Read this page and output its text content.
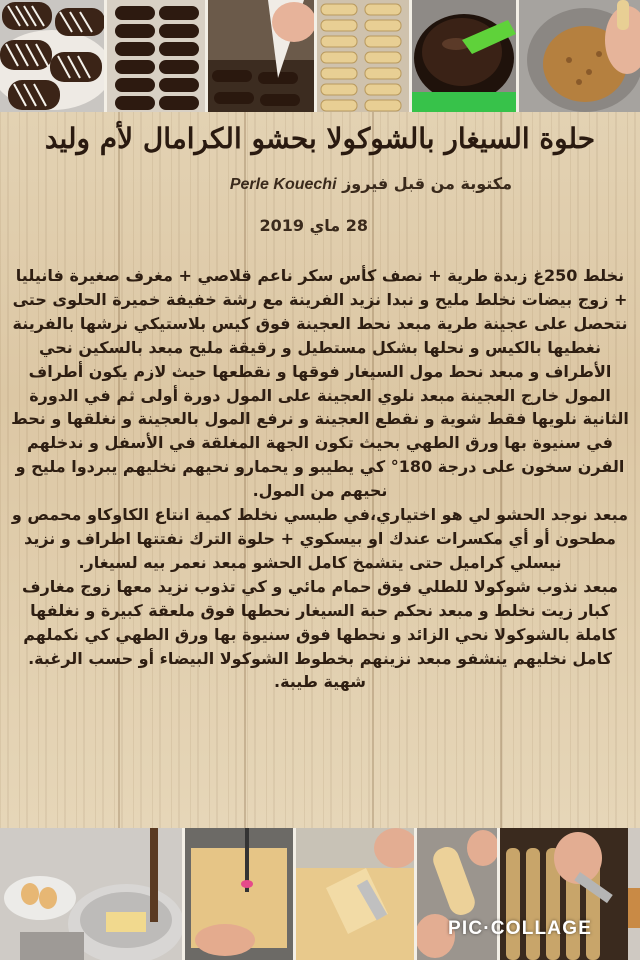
حلوة السيغار بالشوكولا بحشو الكرامال لأم وليد
مكتوبة من قبل فيروز Perle Kouechi
28 ماي 2019

نخلط 250غ زبدة طرية + نصف كأس سكر ناعم قلاصي + مغرف صغيرة فانيليا + زوج بيضات نخلط مليح و نبدا نزيد الفرينة مع رشة خفيفة خميرة الحلوى حتى نتحصل على عجينة طرية مبعد نحط العجينة فوق كيس بلاستيكي نرشها بالفرينة نغطيها بالكيس و نحلها بشكل مستطيل و رقيقة مليح مبعد بالسكين نحي الأطراف و مبعد نحط مول السيغار فوقها و نقطعها حيث لازم يكون أطراف المول خارج العجينة مبعد نلوي العجينة على المول دورة أولى ثم في الدورة الثانية نلويها فقط شوية و نقطع العجينة و نرفع المول بالعجينة و نغلقها و نحط في سنيوة بها ورق الطهي بحيث تكون الجهة المغلقة في الأسفل و ندخلهم الفرن سخون على درجة 180° كي يطيبو و يحمارو نحيهم نخليهم يبردوا مليح و نحيهم من المول.

مبعد نوجد الحشو لي هو اختياري،في طبسي نخلط كمية انتاع الكاوكاو محمص و مطحون أو أي مكسرات عندك او بيسكوي + حلوة الترك نفتتها اطراف و نزيد نيسلي كراميل حتى يتشمخ كامل الحشو مبعد نعمر بيه لسيغار.

مبعد نذوب شوكولا للطلي فوق حمام مائي و كي تذوب نزيد معها زوج مغارف كبار زيت نخلط و مبعد نحكم حبة السيغار نحطها فوق ملعقة كبيرة و نغلفها كاملة بالشوكولا نحي الزائد و نحطها فوق سنيوة بها ورق الطهي كي نكملهم كامل نخليهم ينشفو مبعد نزينهم بخطوط الشوكولا البيضاء أو حسب الرغبة.

شهية طيبة.

PIC·COLLAGE
